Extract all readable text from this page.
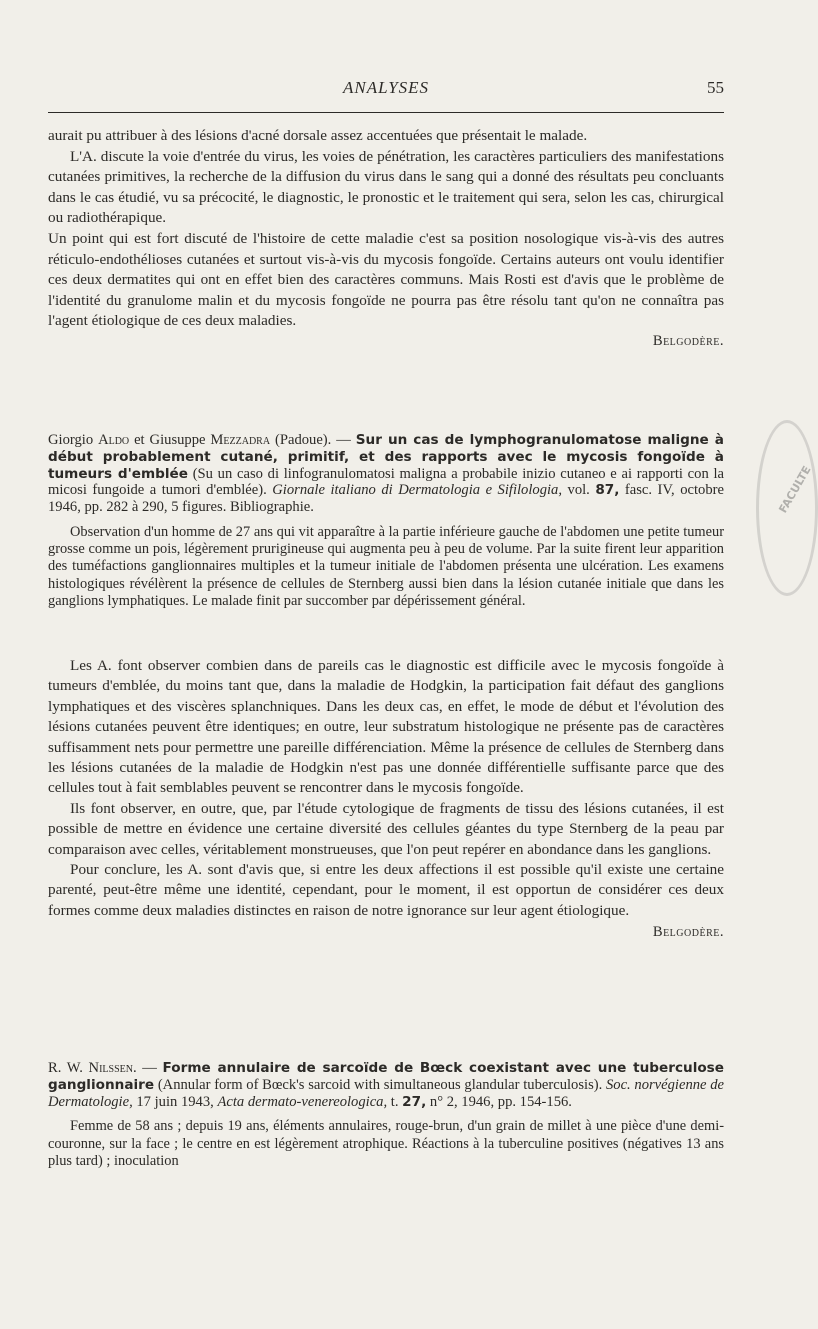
ANALYSES	55

aurait pu attribuer à des lésions d'acné dorsale assez accentuées que présentait le malade.

L'A. discute la voie d'entrée du virus, les voies de pénétration, les caractères particuliers des manifestations cutanées primitives, la recherche de la diffusion du virus dans le sang qui a donné des résultats peu concluants dans le cas étudié, vu sa précocité, le diagnostic, le pronostic et le traitement qui sera, selon les cas, chirurgical ou radiothérapique.

Un point qui est fort discuté de l'histoire de cette maladie c'est sa position nosologique vis-à-vis des autres réticulo-endothélioses cutanées et surtout vis-à-vis du mycosis fongoïde. Certains auteurs ont voulu identifier ces deux dermatites qui ont en effet bien des caractères communs. Mais Rosti est d'avis que le problème de l'identité du granulome malin et du mycosis fongoïde ne pourra pas être résolu tant qu'on ne connaîtra pas l'agent étiologique de ces deux maladies.

Belgodère.

Giorgio Aldo et Giusuppe Mezzadra (Padoue). — Sur un cas de lymphogranulomatose maligne à début probablement cutané, primitif, et des rapports avec le mycosis fongoïde à tumeurs d'emblée (Su un caso di linfogranulomatosi maligna a probabile inizio cutaneo e ai rapporti con la micosi fungoide a tumori d'emblée). Giornale italiano di Dermatologia e Sifilologia, vol. 87, fasc. IV, octobre 1946, pp. 282 à 290, 5 figures. Bibliographie.

Observation d'un homme de 27 ans qui vit apparaître à la partie inférieure gauche de l'abdomen une petite tumeur grosse comme un pois, légèrement prurigineuse qui augmenta peu à peu de volume. Par la suite firent leur apparition des tuméfactions ganglionnaires multiples et la tumeur initiale de l'abdomen présenta une ulcération. Les examens histologiques révélèrent la présence de cellules de Sternberg aussi bien dans la lésion cutanée initiale que dans les ganglions lymphatiques. Le malade finit par succomber par dépérissement général.

Les A. font observer combien dans de pareils cas le diagnostic est difficile avec le mycosis fongoïde à tumeurs d'emblée, du moins tant que, dans la maladie de Hodgkin, la participation fait défaut des ganglions lymphatiques et des viscères splanchniques. Dans les deux cas, en effet, le mode de début et l'évolution des lésions cutanées peuvent être identiques; en outre, leur substratum histologique ne présente pas de caractères suffisamment nets pour permettre une pareille différenciation. Même la présence de cellules de Sternberg dans les lésions cutanées de la maladie de Hodgkin n'est pas une donnée différentielle suffisante parce que des cellules tout à fait semblables peuvent se rencontrer dans le mycosis fongoïde.

Ils font observer, en outre, que, par l'étude cytologique de fragments de tissu des lésions cutanées, il est possible de mettre en évidence une certaine diversité des cellules géantes du type Sternberg de la peau par comparaison avec celles, véritablement monstrueuses, que l'on peut repérer en abondance dans les ganglions.

Pour conclure, les A. sont d'avis que, si entre les deux affections il est possible qu'il existe une certaine parenté, peut-être même une identité, cependant, pour le moment, il est opportun de considérer ces deux formes comme deux maladies distinctes en raison de notre ignorance sur leur agent étiologique.

Belgodère.

R. W. Nilssen. — Forme annulaire de sarcoïde de Bœck coexistant avec une tuberculose ganglionnaire (Annular form of Bœck's sarcoid with simultaneous glandular tuberculosis). Soc. norvégienne de Dermatologie, 17 juin 1943, Acta dermato-venereologica, t. 27, n° 2, 1946, pp. 154-156.

Femme de 58 ans ; depuis 19 ans, éléments annulaires, rouge-brun, d'un grain de millet à une pièce d'une demi-couronne, sur la face ; le centre en est légèrement atrophique. Réactions à la tuberculine positives (négatives 13 ans plus tard) ; inoculation

FACULTE
